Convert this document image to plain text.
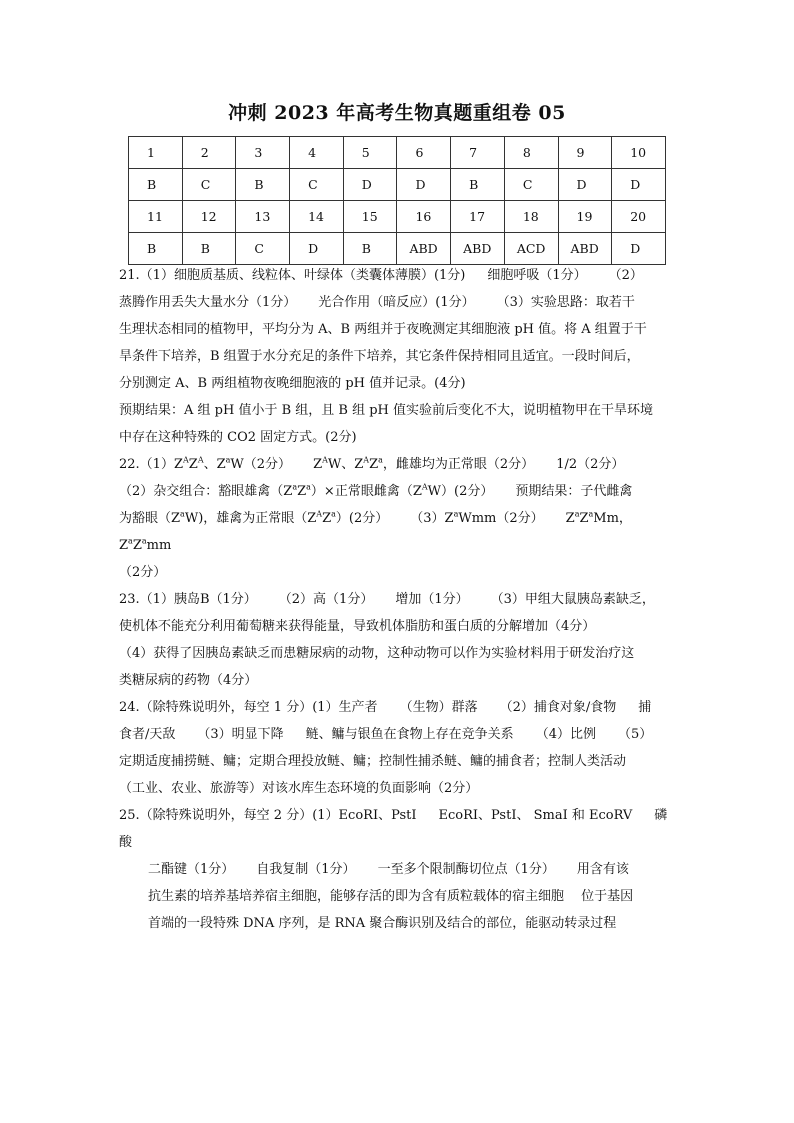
冲刺 2023 年高考生物真题重组卷 05
1	2	3	4	5	6	7	8	9	10
B	C	B	C	D	D	B	C	D	D
11	12	13	14	15	16	17	18	19	20
B	B	C	D	B	ABD	ABD	ACD	ABD	D

21.（1）细胞质基质、线粒体、叶绿体（类囊体薄膜）(1分) 细胞呼吸（1分） （2）

蒸腾作用丢失大量水分（1分） 光合作用（暗反应）(1分） （3）实验思路：取若干

生理状态相同的植物甲，平均分为 A、B 两组并于夜晚测定其细胞液 pH 值。将 A 组置于干

旱条件下培养，B 组置于水分充足的条件下培养，其它条件保持相同且适宜。一段时间后，

分别测定 A、B 两组植物夜晚细胞液的 pH 值并记录。(4分)

预期结果：A 组 pH 值小于 B 组，且 B 组 pH 值实验前后变化不大，说明植物甲在干旱环境

中存在这种特殊的 CO2 固定方式。(2分)

$22.(1)Z^AZ^A$、$Z^aW(2$分） $Z^AW$、$Z^AZ^a$，雌雄均为正常眼（2分） 1/2（2分）

（2）杂交组合：豁眼雄禽$(Z^aZ^a)\times$正常眼雌禽$(Z^AW)(2$分） 预期结果：子代雌禽

为豁眼$(Z^aW)$，雄禽为正常眼$(Z^AZ^a)(2$分） $(3)Z^aWmm(2$分） $Z^aZ^aMm$，$Z^aZ^amm$

（2分）

23.（1）胰岛B（1分） （2）高（1分） 增加（1分） （3）甲组大鼠胰岛素缺乏，

使机体不能充分利用葡萄糖来获得能量，导致机体脂肪和蛋白质的分解增加（4分）

（4）获得了因胰岛素缺乏而患糖尿病的动物，这种动物可以作为实验材料用于研发治疗这

类糖尿病的药物（4分）

24.（除特殊说明外，每空 1 分）(1）生产者 （生物）群落 （2）捕食对象/食物 捕

食者/天敌 （3）明显下降 鲢、鳙与银鱼在食物上存在竞争关系 （4）比例 （5）

定期适度捕捞鲢、鳙；定期合理投放鲢、鳙；控制性捕杀鲢、鳙的捕食者；控制人类活动

（工业、农业、旅游等）对该水库生态环境的负面影响（2分）

25.（除特殊说明外，每空 2 分）(1）EcoRI、PstI EcoRI、PstI、 SmaI 和 EcoRV 磷酸

二酯键（1分） 自我复制（1分） 一至多个限制酶切位点（1分） 用含有该

抗生素的培养基培养宿主细胞，能够存活的即为含有质粒载体的宿主细胞　 位于基因

首端的一段特殊 DNA 序列，是 RNA 聚合酶识别及结合的部位，能驱动转录过程
